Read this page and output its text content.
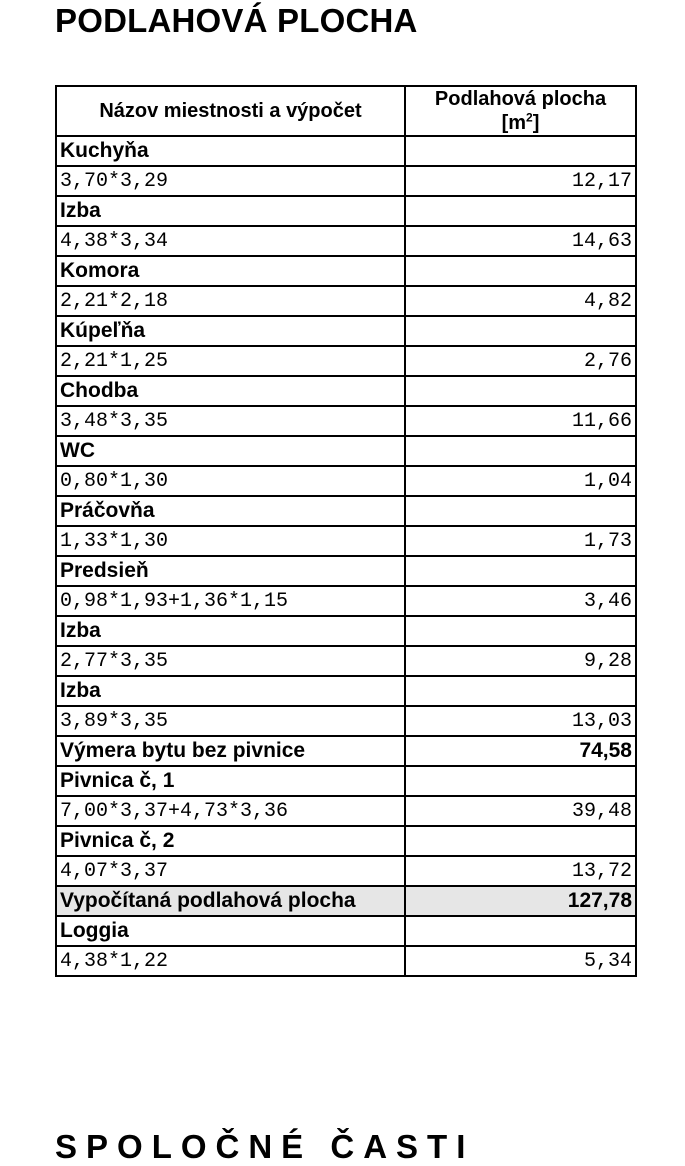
PODLAHOVÁ PLOCHA
Názov miestnosti a výpočet	Podlahová plocha
$[m^2]$
Kuchyňa	
3,70*3,29	12,17
Izba	
4,38*3,34	14,63
Komora	
2,21*2,18	4,82
Kúpeľňa	
2,21*1,25	2,76
Chodba	
3,48*3,35	11,66
WC	
0,80*1,30	1,04
Práčovňa	
1,33*1,30	1,73
Predsieň	
0,98*1,93+1,36*1,15	3,46
Izba	
2,77*3,35	9,28
Izba	
3,89*3,35	13,03
Výmera bytu bez pivnice	74,58
Pivnica č, 1	
7,00*3,37+4,73*3,36	39,48
Pivnica č, 2	
4,07*3,37	13,72
Vypočítaná podlahová plocha	127,78
Loggia	
4,38*1,22	5,34
SPOLOČNÉ ČASTI
